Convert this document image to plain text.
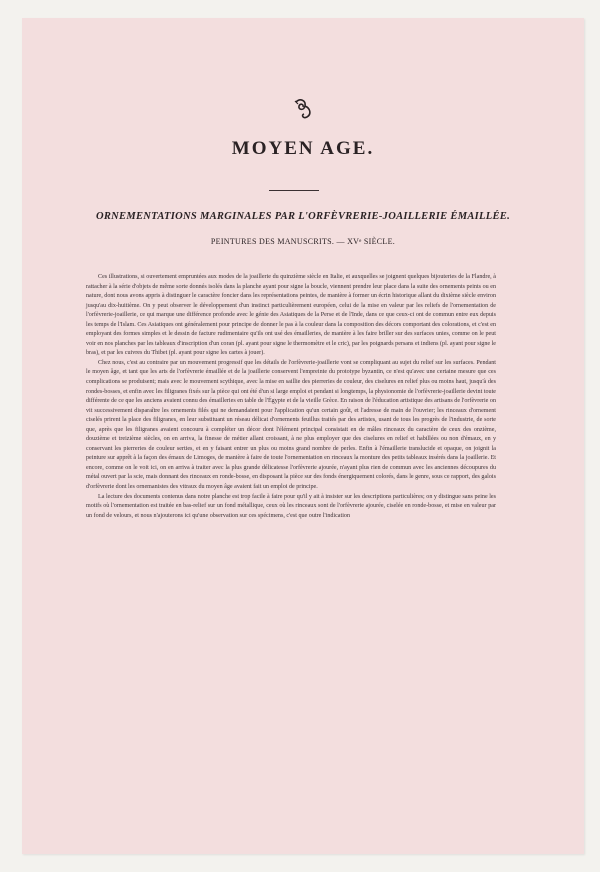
MOYEN AGE.
ORNEMENTATIONS MARGINALES PAR L'ORFÈVRERIE-JOAILLERIE ÉMAILLÉE.
PEINTURES DES MANUSCRITS. — XVᵉ SIÈCLE.

Ces illustrations, si ouvertement empruntées aux modes de la joaillerie du quinzième siècle en Italie, et auxquelles se joignent quelques bijouteries de la Flandre, à rattacher à la série d'objets de même sorte donnés isolés dans la planche ayant pour signe la boucle, viennent prendre leur place dans la suite des ornements peints ou en nature, dont nous avons appris à distinguer le caractère foncier dans les représentations peintes, de manière à former un écrin historique allant du dixième siècle environ jusqu'au dix-huitième. On y peut observer le développement d'un instinct particulièrement européen, celui de la mise en valeur par les reliefs de l'ornementation de l'orfèvrerie-joaillerie, ce qui marque une différence profonde avec le génie des Asiatiques de la Perse et de l'Inde, dans ce que ceux-ci ont de commun entre eux depuis les temps de l'Islam. Ces Asiatiques ont généralement pour principe de donner le pas à la couleur dans la composition des décors comportant des colorations, et c'est en employant des formes simples et le dessin de facture rudimentaire qu'ils ont usé des émailleries, de manière à les faire briller sur des surfaces unies, comme on le peut voir en nos planches par les tableaux d'inscription d'un coran (pl. ayant pour signe le thermomètre et le cric), par les poignards persans et indiens (pl. ayant pour signe le bras), et par les cuivres du Thibet (pl. ayant pour signe les cartes à jouer).

Chez nous, c'est au contraire par un mouvement progressif que les détails de l'orfèvrerie-joaillerie vont se compliquant au sujet du relief sur les surfaces. Pendant le moyen âge, et tant que les arts de l'orfèvrerie émaillée et de la joaillerie conservent l'empreinte du prototype byzantin, ce n'est qu'avec une certaine mesure que ces complications se produisent; mais avec le mouvement scythique, avec la mise en saillie des pierreries de couleur, des ciselures en relief plus ou moins haut, jusqu'à des rondes-bosses, et enfin avec les filigranes fixés sur la pièce qui ont été d'un si large emploi et pendant si longtemps, la physionomie de l'orfèvrerie-joaillerie devint toute différente de ce que les anciens avaient connu des émailleries en table de l'Égypte et de la vieille Grèce. En raison de l'éducation artistique des artisans de l'orfèvrerie on vit successivement disparaître les ornements filés qui ne demandaient pour l'application qu'un certain goût, et l'adresse de main de l'ouvrier; les rinceaux d'ornement ciselés prirent la place des filigranes, en leur substituant un réseau délicat d'ornements feuillus traités par des artistes, usant de tous les progrès de l'industrie, de sorte que, après que les filigranes avaient concouru à compléter un décor dont l'élément principal consistait en de mâles rinceaux du caractère de ceux des onzième, douzième et treizième siècles, on en arriva, la finesse de métier allant croissant, à ne plus employer que des ciselures en relief et habillées ou non d'émaux, en y conservant les pierreries de couleur serties, et en y faisant entrer un plus ou moins grand nombre de perles. Enfin à l'émaillerie translucide et opaque, on joignit la peinture sur apprêt à la façon des émaux de Limoges, de manière à faire de toute l'ornementation en rinceaux la monture des petits tableaux insérés dans la joaillerie. Et encore, comme on le voit ici, on en arriva à traiter avec la plus grande délicatesse l'orfèvrerie ajourée, n'ayant plus rien de commun avec les anciennes découpures du métal ouvert par la scie, mais donnant des rinceaux en ronde-bosse, en disposant la pièce sur des fonds énergiquement colorés, dans le genre, sous ce rapport, des galois d'orfèvrerie dont les ornemanistes des vitraux du moyen âge avaient fait un emploi de principe.

La lecture des documents contenus dans notre planche est trop facile à faire pour qu'il y ait à insister sur les descriptions particulières; on y distingue sans peine les motifs où l'ornementation est traitée en bas-relief sur un fond métallique, ceux où les rinceaux sont de l'orfèvrerie ajourée, ciselée en ronde-bosse, et mise en valeur par un fond de velours, et nous n'ajouterons ici qu'une observation sur ces spécimens, c'est que outre l'indication
